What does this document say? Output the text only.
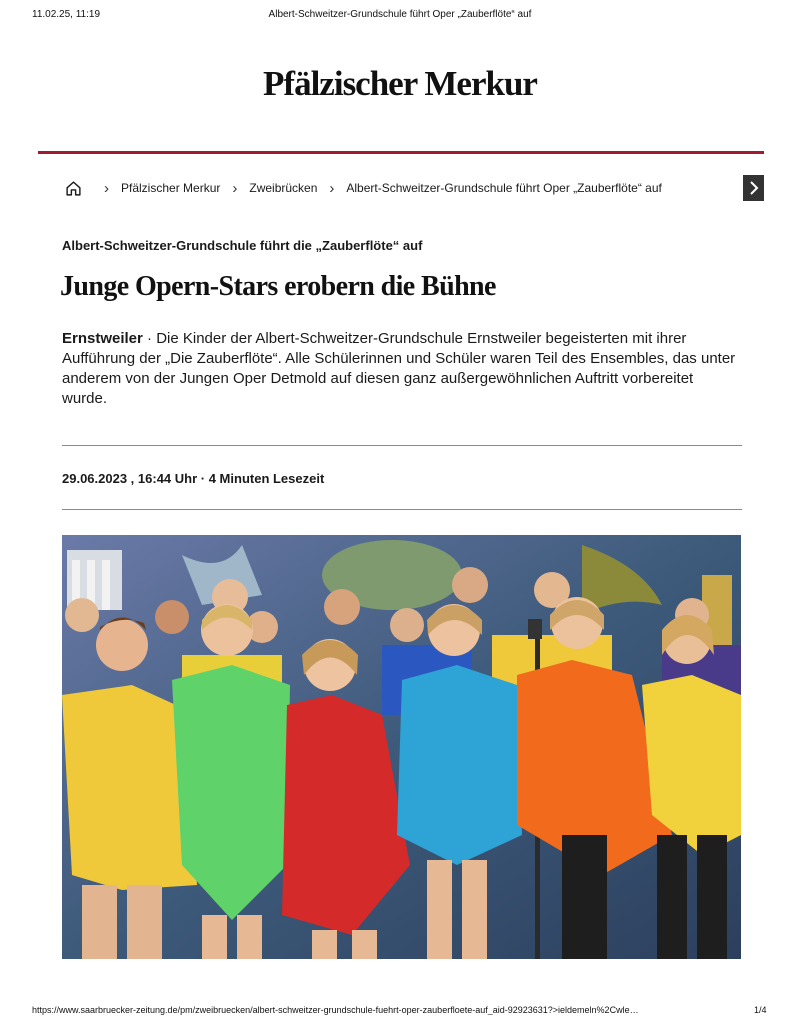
11.02.25, 11:19	Albert-Schweitzer-Grundschule führt Oper „Zauberflöte“ auf
Pfälzischer Merkur
› Pfälzischer Merkur › Zweibrücken › Albert-Schweitzer-Grundschule führt Oper „Zauberflöte“ auf
Albert-Schweitzer-Grundschule führt die „Zauberflöte“ auf
Junge Opern-Stars erobern die Bühne

Ernstweiler · Die Kinder der Albert-Schweitzer-Grundschule Ernstweiler begeisterten mit ihrer Aufführung der „Die Zauberflöte“. Alle Schülerinnen und Schüler waren Teil des Ensembles, das unter anderem von der Jungen Oper Detmold auf diesen ganz außergewöhnlichen Auftritt vorbereitet wurde.

29.06.2023 , 16:44 Uhr · 4 Minuten Lesezeit
https://www.saarbruecker-zeitung.de/pm/zweibruecken/albert-schweitzer-grundschule-fuehrt-oper-zauberfloete-auf_aid-92923631?>ieldemeln%2Cwle…	1/4
